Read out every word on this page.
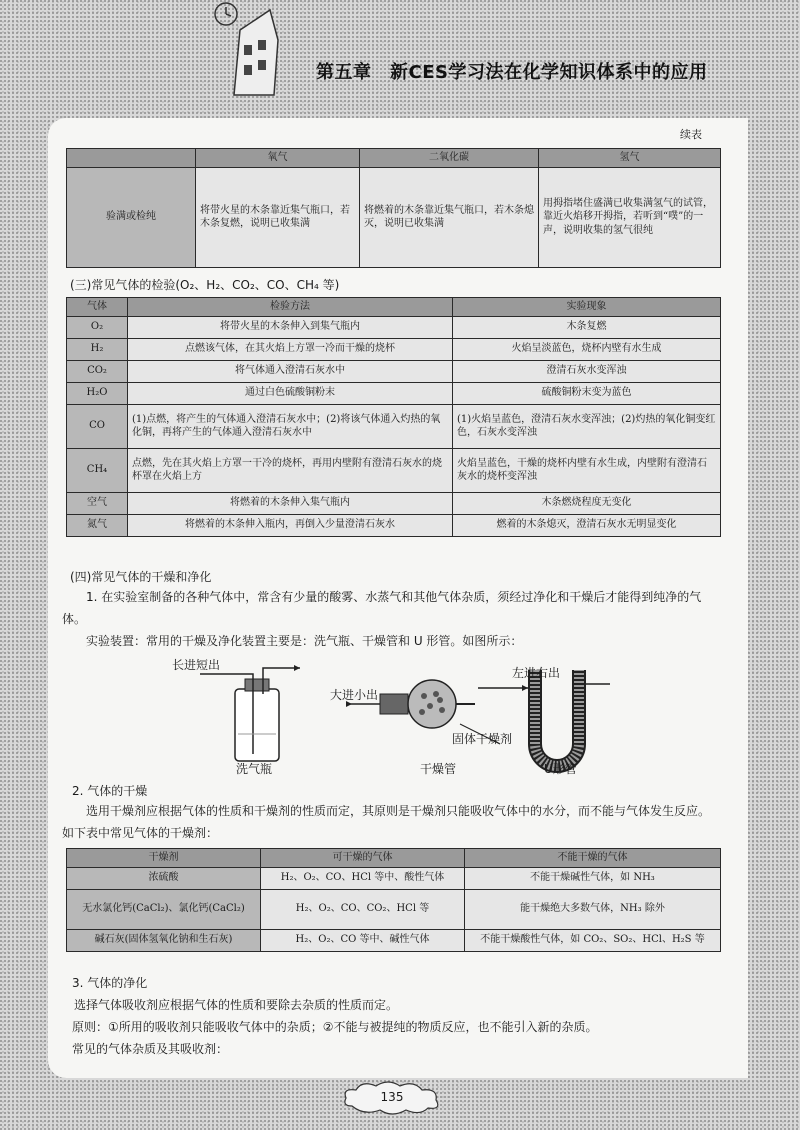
第五章　新CES学习法在化学知识体系中的应用
续表
	氧气	二氧化碳	氢气
验满或检纯	将带火星的木条靠近集气瓶口，若木条复燃，说明已收集满	将燃着的木条靠近集气瓶口，若木条熄灭，说明已收集满	用拇指堵住盛满已收集满氢气的试管，靠近火焰移开拇指，若听到“噗”的一声，说明收集的氢气很纯
(三)常见气体的检验(O₂、H₂、CO₂、CO、CH₄ 等)
气体	检验方法	实验现象
O₂	将带火星的木条伸入到集气瓶内	木条复燃
H₂	点燃该气体，在其火焰上方罩一冷而干燥的烧杯	火焰呈淡蓝色，烧杯内壁有水生成
CO₂	将气体通入澄清石灰水中	澄清石灰水变浑浊
H₂O	通过白色硫酸铜粉末	硫酸铜粉末变为蓝色
CO	(1)点燃，将产生的气体通入澄清石灰水中；(2)将该气体通入灼热的氧化铜，再将产生的气体通入澄清石灰水中	(1)火焰呈蓝色，澄清石灰水变浑浊；(2)灼热的氧化铜变红色，石灰水变浑浊
CH₄	点燃，先在其火焰上方罩一干冷的烧杯，再用内壁附有澄清石灰水的烧杯罩在火焰上方	火焰呈蓝色，干燥的烧杯内壁有水生成，内壁附有澄清石灰水的烧杯变浑浊
空气	将燃着的木条伸入集气瓶内	木条燃烧程度无变化
氮气	将燃着的木条伸入瓶内，再倒入少量澄清石灰水	燃着的木条熄灭，澄清石灰水无明显变化
(四)常见气体的干燥和净化
1. 在实验室制备的各种气体中，常含有少量的酸雾、水蒸气和其他气体杂质，须经过净化和干燥后才能得到纯净的气体。
实验装置：常用的干燥及净化装置主要是：洗气瓶、干燥管和 U 形管。如图所示：
长进短出
洗气瓶
大进小出
干燥管
固体干燥剂
左进右出
U形管
2. 气体的干燥
选用干燥剂应根据气体的性质和干燥剂的性质而定，其原则是干燥剂只能吸收气体中的水分，而不能与气体发生反应。如下表中常见气体的干燥剂：
干燥剂	可干燥的气体	不能干燥的气体
浓硫酸	H₂、O₂、CO、HCl 等中、酸性气体	不能干燥碱性气体，如 NH₃
无水氯化钙(CaCl₂)、氯化钙(CaCl₂)	H₂、O₂、CO、CO₂、HCl 等	能干燥绝大多数气体，NH₃ 除外
碱石灰(固体氢氧化钠和生石灰)	H₂、O₂、CO 等中、碱性气体	不能干燥酸性气体，如 CO₂、SO₂、HCl、H₂S 等
3. 气体的净化
选择气体吸收剂应根据气体的性质和要除去杂质的性质而定。
原则：①所用的吸收剂只能吸收气体中的杂质；②不能与被提纯的物质反应，也不能引入新的杂质。
常见的气体杂质及其吸收剂：
135
